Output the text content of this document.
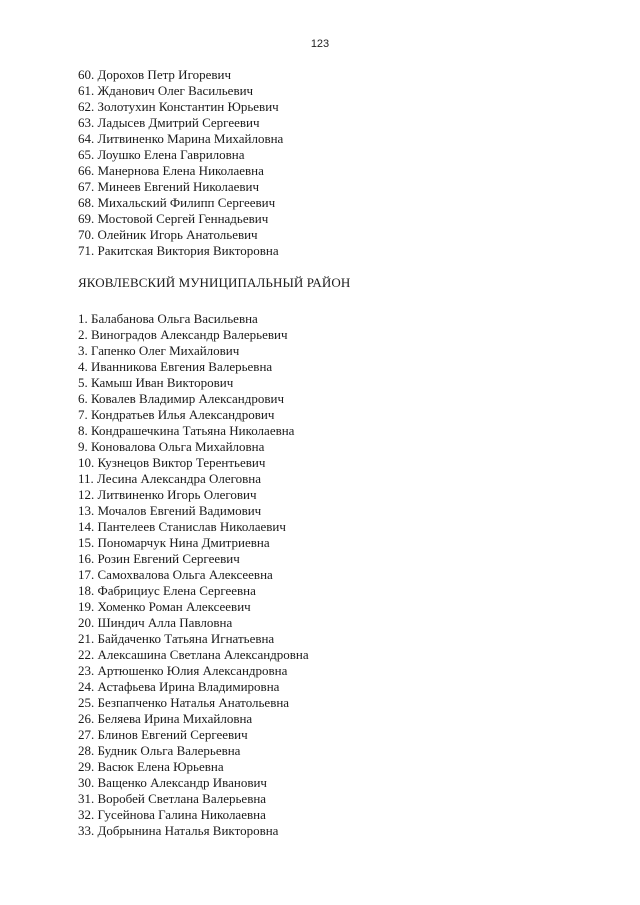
123
60. Дорохов Петр Игоревич
61. Жданович Олег Васильевич
62. Золотухин Константин Юрьевич
63. Ладысев Дмитрий Сергеевич
64. Литвиненко Марина Михайловна
65. Лоушко Елена Гавриловна
66. Манернова Елена Николаевна
67. Минеев Евгений Николаевич
68. Михальский Филипп Сергеевич
69. Мостовой Сергей Геннадьевич
70. Олейник Игорь Анатольевич
71. Ракитская Виктория Викторовна
ЯКОВЛЕВСКИЙ МУНИЦИПАЛЬНЫЙ РАЙОН
1. Балабанова Ольга Васильевна
2. Виноградов Александр Валерьевич
3. Гапенко Олег Михайлович
4. Иванникова Евгения Валерьевна
5. Камыш Иван Викторович
6. Ковалев Владимир Александрович
7. Кондратьев Илья Александрович
8. Кондрашечкина Татьяна Николаевна
9. Коновалова Ольга Михайловна
10. Кузнецов Виктор Терентьевич
11. Лесина Александра Олеговна
12. Литвиненко Игорь Олегович
13. Мочалов Евгений Вадимович
14. Пантелеев Станислав Николаевич
15. Пономарчук Нина Дмитриевна
16. Розин Евгений Сергеевич
17. Самохвалова Ольга Алексеевна
18. Фабрициус Елена Сергеевна
19. Хоменко Роман Алексеевич
20. Шиндич Алла Павловна
21. Байдаченко Татьяна Игнатьевна
22. Алексашина Светлана Александровна
23. Артюшенко Юлия Александровна
24. Астафьева Ирина Владимировна
25. Безпапченко Наталья Анатольевна
26. Беляева Ирина Михайловна
27. Блинов Евгений Сергеевич
28. Будник Ольга Валерьевна
29. Васюк Елена Юрьевна
30. Ващенко Александр Иванович
31. Воробей Светлана Валерьевна
32. Гусейнова Галина Николаевна
33. Добрынина Наталья Викторовна
